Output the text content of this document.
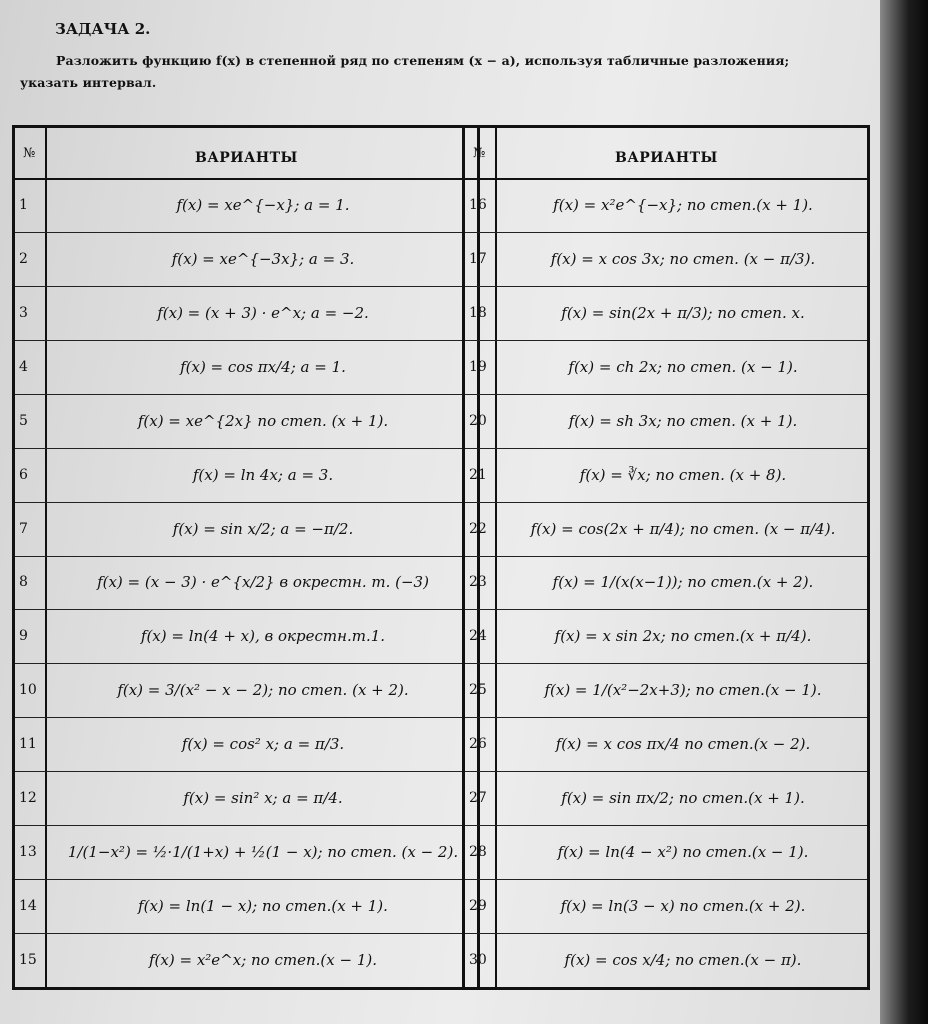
ЗАДАЧА 2.
Разложить функцию f(x) в степенной ряд по степеням (x − a), используя табличные разложения;
указать интервал.
№	ВАРИАНТЫ
1	f(x) = xe^{−x}; a = 1.
2	f(x) = xe^{−3x}; a = 3.
3	f(x) = (x + 3) · e^x; a = −2.
4	f(x) = cos πx/4; a = 1.
5	f(x) = xe^{2x} по степ. (x + 1).
6	f(x) = ln 4x; a = 3.
7	f(x) = sin x/2; a = −π/2.
8	f(x) = (x − 3) · e^{x/2} в окрестн. т. (−3)
9	f(x) = ln(4 + x), в окрестн.т.1.
10	f(x) = 3/(x² − x − 2); по степ. (x + 2).
11	f(x) = cos² x; a = π/3.
12	f(x) = sin² x; a = π/4.
13	1/(1−x²) = ½·1/(1+x) + ½(1 − x); по степ. (x − 2).
14	f(x) = ln(1 − x); по степ.(x + 1).
15	f(x) = x²e^x; по степ.(x − 1).
№	ВАРИАНТЫ
16	f(x) = x²e^{−x}; по степ.(x + 1).
17	f(x) = x cos 3x; по степ. (x − π/3).
18	f(x) = sin(2x + π/3); по степ. x.
19	f(x) = ch 2x; по степ. (x − 1).
20	f(x) = sh 3x; по степ. (x + 1).
21	f(x) = ∛x; по степ. (x + 8).
22	f(x) = cos(2x + π/4); по степ. (x − π/4).
23	f(x) = 1/(x(x−1)); по степ.(x + 2).
24	f(x) = x sin 2x; по степ.(x + π/4).
25	f(x) = 1/(x²−2x+3); по степ.(x − 1).
26	f(x) = x cos πx/4 по степ.(x − 2).
27	f(x) = sin πx/2; по степ.(x + 1).
28	f(x) = ln(4 − x²) по степ.(x − 1).
29	f(x) = ln(3 − x) по степ.(x + 2).
30	f(x) = cos x/4; по степ.(x − π).
